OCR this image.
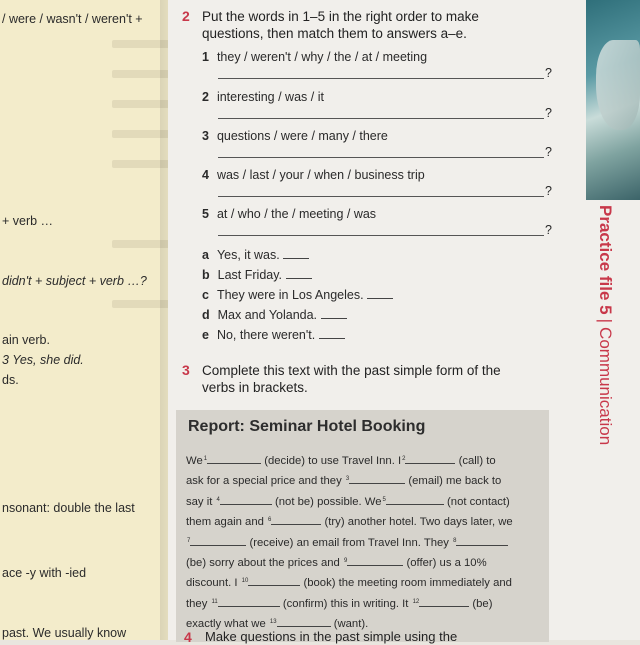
/ were / wasn't / weren't +
+ verb …
didn't + subject + verb …?
ain verb.
3 Yes, she did.
ds.
nsonant: double the last
ace -y with -ied
past. We usually know
Practice file 5|Communication
2 Put the words in 1–5 in the right order to make
questions, then match them to answers a–e.
1 they / weren't / why / the / at / meeting
?
2 interesting / was / it
?
3 questions / were / many / there
?
4 was / last / your / when / business trip
?
5 at / who / the / meeting / was
?
a Yes, it was.
b Last Friday.
c They were in Los Angeles.
d Max and Yolanda.
e No, there weren't.
3 Complete this text with the past simple form of the
verbs in brackets.
Report: Seminar Hotel Booking
We$^1$	(decide) to use Travel Inn. $I^2$	(call) to
ask for a special price and they $^3$	(email) me back to
say it $^4$	(not be) possible. We$^5$	(not contact)
them again and $^6$	(try) another hotel. Two days later, we
$^7$	(receive) an email from Travel Inn. They $^8$
(be) sorry about the prices and $^9$	(offer) us a 10%
discount. I $^{10}$	(book) the meeting room immediately and
they $^{11}$	(confirm) this in writing. It $^{12}$	(be)
exactly what we $^{13}$	(want).
4 Make questions in the past simple using the
